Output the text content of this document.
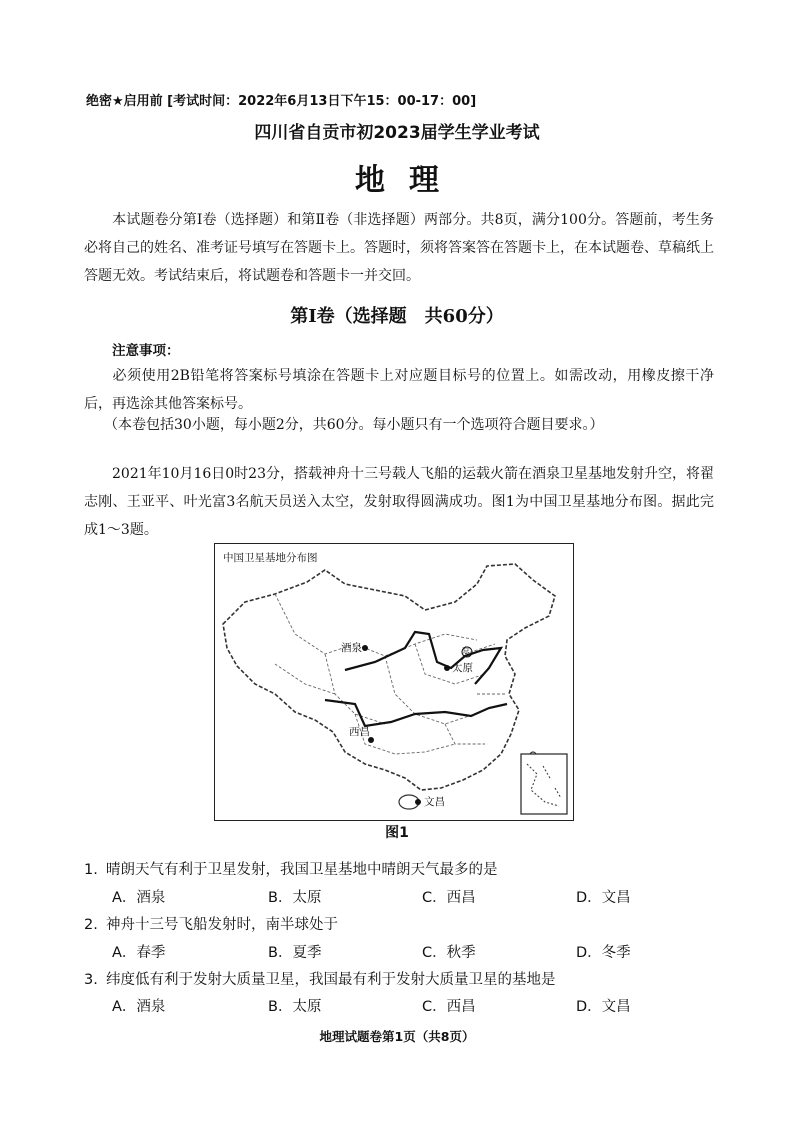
绝密★启用前 [考试时间：2022年6月13日下午15：00-17：00]
四川省自贡市初2023届学生学业考试
地理
本试题卷分第Ⅰ卷（选择题）和第Ⅱ卷（非选择题）两部分。共8页，满分100分。答题前，考生务必将自己的姓名、准考证号填写在答题卡上。答题时，须将答案答在答题卡上，在本试题卷、草稿纸上答题无效。考试结束后，将试题卷和答题卡一并交回。
第Ⅰ卷（选择题　共60分）
注意事项：
必须使用2B铅笔将答案标号填涂在答题卡上对应题目标号的位置上。如需改动，用橡皮擦干净后，再选涂其他答案标号。
（本卷包括30小题，每小题2分，共60分。每小题只有一个选项符合题目要求。）
2021年10月16日0时23分，搭载神舟十三号载人飞船的运载火箭在酒泉卫星基地发射升空，将翟志刚、王亚平、叶光富3名航天员送入太空，发射取得圆满成功。图1为中国卫星基地分布图。据此完成1～3题。
中国卫星基地分布图
酒泉
太原
西昌
文昌
京
图1
1. 晴朗天气有利于卫星发射，我国卫星基地中晴朗天气最多的是
A．酒泉	B．太原	C．西昌	D．文昌
2. 神舟十三号飞船发射时，南半球处于
A．春季	B．夏季	C．秋季	D．冬季
3. 纬度低有利于发射大质量卫星，我国最有利于发射大质量卫星的基地是
A．酒泉	B．太原	C．西昌	D．文昌
地理试题卷第1页（共8页）
